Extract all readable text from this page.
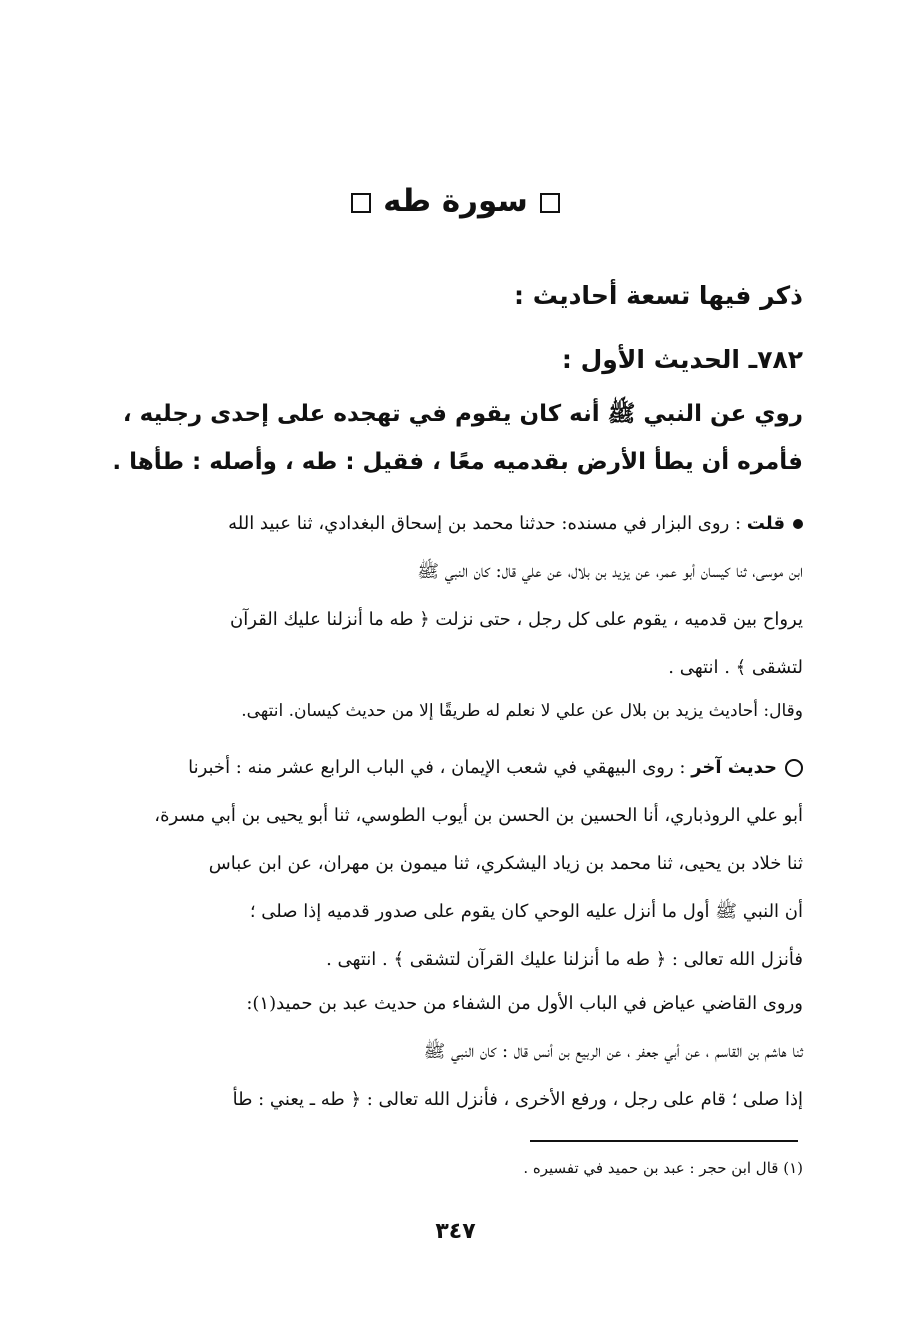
سورة طه
ذكر فيها تسعة أحاديث :
٧٨٢ـ الحديث الأول :
روي عن النبي ﷺ أنه كان يقوم في تهجده على إحدى رجليه ،
فأمره أن يطأ الأرض بقدميه معًا ، فقيل : طه ، وأصله : طأها .
قلت : روى البزار في مسنده: حدثنا محمد بن إسحاق البغدادي، ثنا عبيد الله
ابن موسى، ثنا كيسان أبو عمر، عن يزيد بن بلال، عن علي قال: كان النبي ﷺ
يرواح بين قدميه ، يقوم على كل رجل ، حتى نزلت ﴿ طه ما أنزلنا عليك القرآن
لتشقى ﴾ . انتهى .
وقال: أحاديث يزيد بن بلال عن علي لا نعلم له طريقًا إلا من حديث كيسان. انتهى.
حديث آخر : روى البيهقي في شعب الإيمان ، في الباب الرابع عشر منه : أخبرنا
أبو علي الروذباري، أنا الحسين بن الحسن بن أيوب الطوسي، ثنا أبو يحيى بن أبي مسرة،
ثنا خلاد بن يحيى، ثنا محمد بن زياد اليشكري، ثنا ميمون بن مهران، عن ابن عباس
أن النبي ﷺ أول ما أنزل عليه الوحي كان يقوم على صدور قدميه إذا صلى ؛
فأنزل الله تعالى : ﴿ طه ما أنزلنا عليك القرآن لتشقى ﴾ . انتهى .
وروى القاضي عياض في الباب الأول من الشفاء من حديث عبد بن حميد(١):
ثنا هاشم بن القاسم ، عن أبي جعفر ، عن الربيع بن أنس قال : كان النبي ﷺ
إذا صلى ؛ قام على رجل ، ورفع الأخرى ، فأنزل الله تعالى : ﴿ طه ـ يعني : طأ
(١) قال ابن حجر : عبد بن حميد في تفسيره .
٣٤٧
